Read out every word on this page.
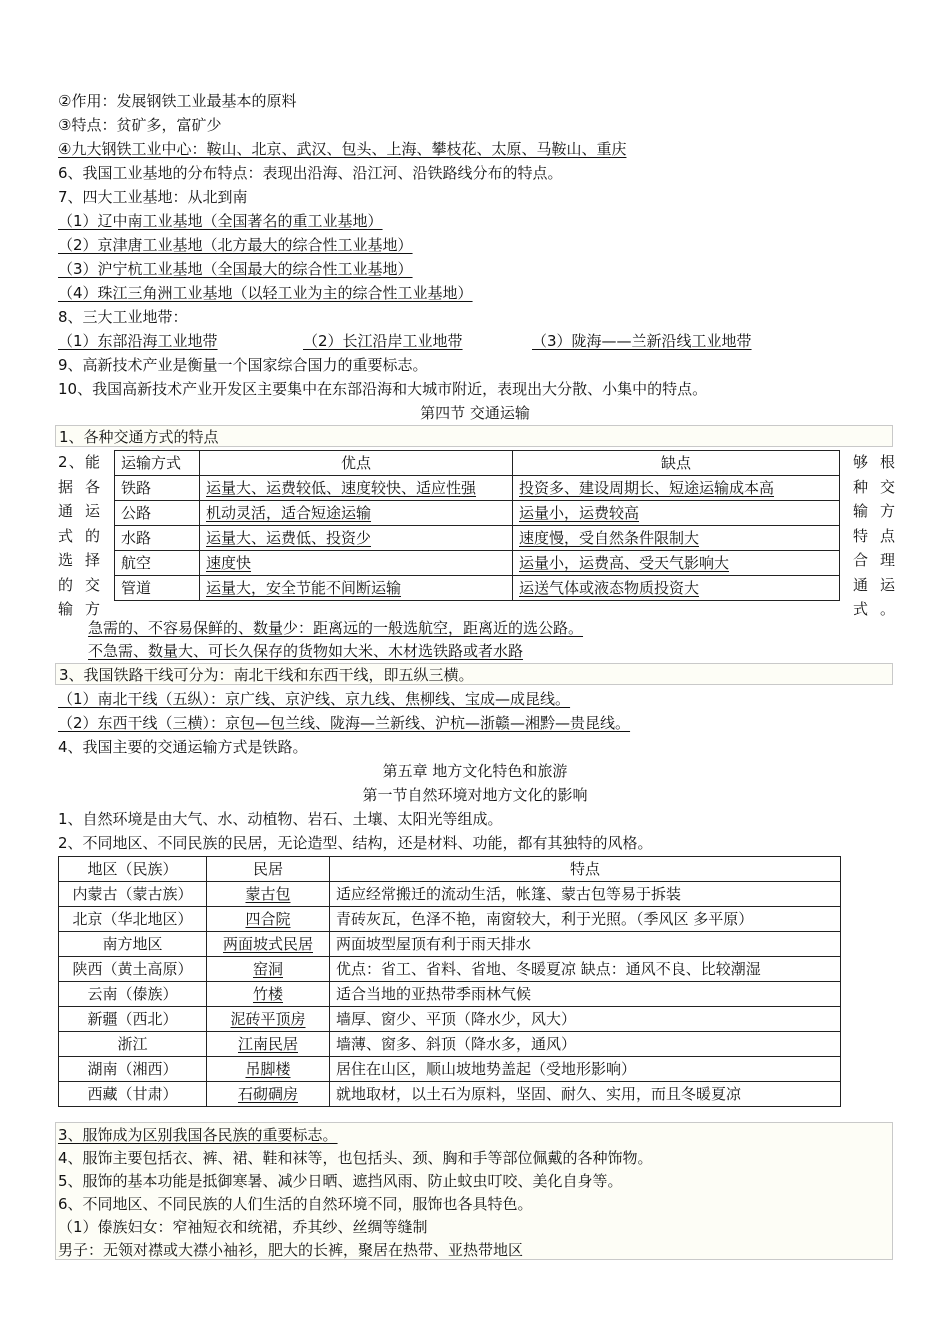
②作用：发展钢铁工业最基本的原料
③特点：贫矿多，富矿少
④九大钢铁工业中心：鞍山、北京、武汉、包头、上海、攀枝花、太原、马鞍山、重庆
6、我国工业基地的分布特点：表现出沿海、沿江河、沿铁路线分布的特点。
7、四大工业基地：从北到南
（1）辽中南工业基地（全国著名的重工业基地）
（2）京津唐工业基地（北方最大的综合性工业基地）
（3）沪宁杭工业基地（全国最大的综合性工业基地）
（4）珠江三角洲工业基地（以轻工业为主的综合性工业基地）
8、三大工业地带：
（1）东部沿海工业地带	（2）长江沿岸工业地带	（3）陇海——兰新沿线工业地带
9、高新技术产业是衡量一个国家综合国力的重要标志。
10、我国高新技术产业开发区主要集中在东部沿海和大城市附近，表现出大分散、小集中的特点。
第四节 交通运输
1、各种交通方式的特点
2、能
据 各
通 运
式 的
选 择
的 交
输 方
运输方式	优点	缺点
铁路	运量大、运费较低、速度较快、适应性强	投资多、建设周期长、短途运输成本高
公路	机动灵活，适合短途运输	运量小，运费较高
水路	运量大、运费低、投资少	速度慢，受自然条件限制大
航空	速度快	运量小，运费高、受天气影响大
管道	运量大，安全节能不间断运输	运送气体或液态物质投资大
够 根
种 交
输 方
特 点
合 理
通 运
式。
急需的、不容易保鲜的、数量少：距离远的一般选航空，距离近的选公路。
不急需、数量大、可长久保存的货物如大米、木材选铁路或者水路
3、我国铁路干线可分为：南北干线和东西干线，即五纵三横。
（1）南北干线（五纵）：京广线、京沪线、京九线、焦柳线、宝成—成昆线。
（2）东西干线（三横）：京包—包兰线、陇海—兰新线、沪杭—浙赣—湘黔—贵昆线。
4、我国主要的交通运输方式是铁路。
第五章 地方文化特色和旅游
第一节自然环境对地方文化的影响
1、自然环境是由大气、水、动植物、岩石、土壤、太阳光等组成。
2、不同地区、不同民族的民居，无论造型、结构，还是材料、功能，都有其独特的风格。
地区（民族）	民居	特点
内蒙古（蒙古族）	蒙古包	适应经常搬迁的流动生活，帐篷、蒙古包等易于拆装
北京（华北地区）	四合院	青砖灰瓦，色泽不艳，南窗较大，利于光照。（季风区 多平原）
南方地区	两面坡式民居	两面坡型屋顶有利于雨天排水
陕西（黄土高原）	窑洞	优点：省工、省料、省地、冬暖夏凉 缺点：通风不良、比较潮湿
云南（傣族）	竹楼	适合当地的亚热带季雨林气候
新疆（西北）	泥砖平顶房	墙厚、窗少、平顶（降水少，风大）
浙江	江南民居	墙薄、窗多、斜顶（降水多，通风）
湖南（湘西）	吊脚楼	居住在山区，顺山坡地势盖起（受地形影响）
西藏（甘肃）	石砌碉房	就地取材，以土石为原料，坚固、耐久、实用，而且冬暖夏凉
3、服饰成为区别我国各民族的重要标志。
4、服饰主要包括衣、裤、裙、鞋和袜等，也包括头、颈、胸和手等部位佩戴的各种饰物。
5、服饰的基本功能是抵御寒暑、减少日晒、遮挡风雨、防止蚊虫叮咬、美化自身等。
6、不同地区、不同民族的人们生活的自然环境不同，服饰也各具特色。
（1）傣族妇女：窄袖短衣和统裙，乔其纱、丝绸等缝制
男子：无领对襟或大襟小袖衫，肥大的长裤，聚居在热带、亚热带地区
